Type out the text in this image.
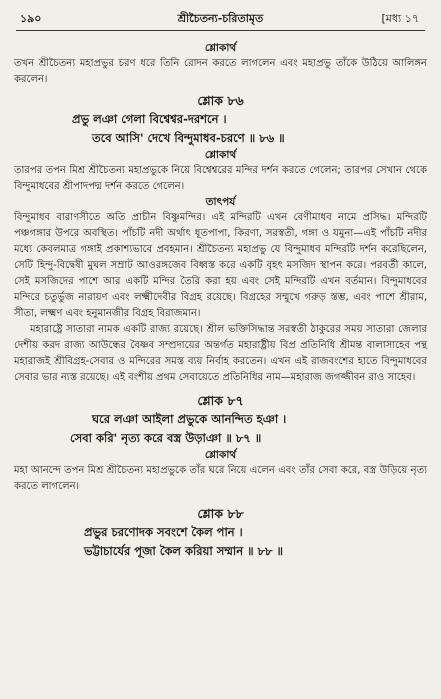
১৯০	শ্রীচৈতন্য-চরিতামৃত	[মধ্য ১৭
শ্লোকার্থ

তখন শ্রীচৈতন্য মহাপ্রভুর চরণ ধরে তিনি রোদন করতে লাগলেন এবং মহাপ্রভু তাঁকে উঠিয়ে আলিঙ্গন করলেন।

শ্লোক ৮৬
প্রভু লঞা গেলা বিশ্বেশ্বর-দরশনে ।
তবে আসি' দেখে বিন্দুমাধব-চরণে ॥ ৮৬ ॥
শ্লোকার্থ

তারপর তপন মিশ্র শ্রীচৈতন্য মহাপ্রভুকে নিয়ে বিশ্বেশ্বরের মন্দির দর্শন করতে গেলেন; তারপর সেখান থেকে বিন্দুমাধবের শ্রীপাদপদ্ম দর্শন করতে গেলেন।

তাৎপর্য

বিন্দুমাধব বারাণসীতে অতি প্রাচীন বিষ্ণুমন্দির। এই মন্দিরটি এখন বেণীমাধব নামে প্রসিদ্ধ। মন্দিরটি পঞ্চগঙ্গার উপরে অবস্থিত। পাঁচটি নদী অর্থাৎ ধূতপাপা, কিরণা, সরস্বতী, গঙ্গা ও যমুনা—এই পাঁচটি নদীর মধ্যে কেবলমাত্র গঙ্গাই প্রকাশ্যভাবে প্রবহমান। শ্রীচৈতন্য মহাপ্রভু যে বিন্দুমাধব মন্দিরটি দর্শন করেছিলেন, সেটি হিন্দু-বিদ্বেষী মুঘল সম্রাট আওরঙ্গজেব বিধ্বস্ত করে একটি বৃহৎ মসজিদ স্থাপন করে। পরবর্তী কালে, সেই মসজিদের পাশে আর একটি মন্দির তৈরি করা হয় এবং সেই মন্দিরটি এখন বর্তমান। বিন্দুমাধবের মন্দিরে চতুর্ভুজ নারায়ণ এবং লক্ষ্মীদেবীর বিগ্রহ রয়েছে। বিগ্রহের সম্মুখে গরুড় স্তম্ভ, এবং পাশে শ্রীরাম, সীতা, লক্ষ্মণ এবং হনুমানজীর বিগ্রহ বিরাজমান।

মহারাষ্ট্রে সাতারা নামক একটি রাজ্য রয়েছে। শ্রীল ভক্তিসিদ্ধান্ত সরস্বতী ঠাকুরের সময় সাতারা জেলার দেশীয় করদ রাজ্য আউন্ধের বৈষ্ণব সম্প্রদায়ের অন্তর্গত মহারাষ্ট্রীয় বিপ্র প্রতিনিধি শ্রীমন্ত বালাসাহেব পন্থ মহারাজই শ্রীবিগ্রহ-সেবার ও মন্দিরের সমস্ত ব্যয় নির্বাহ করতেন। এখন এই রাজবংশের হাতে বিন্দুমাধবের সেবার ভার ন্যস্ত রয়েছে। এই বংশীয় প্রথম সেবায়েতে প্রতিনিধির নাম—মহারাজ জগজ্জীবন রাও সাহেব।

শ্লোক ৮৭
ঘরে লঞা আইলা প্রভুকে আনন্দিত হঞা ।
সেবা করি' নৃত্য করে বস্ত্র উড়াঞা ॥ ৮৭ ॥
শ্লোকার্থ

মহা আনন্দে তপন মিশ্র শ্রীচৈতন্য মহাপ্রভুকে তাঁর ঘরে নিয়ে এলেন এবং তাঁর সেবা করে, বস্ত্র উড়িয়ে নৃত্য করতে লাগলেন।

শ্লোক ৮৮
প্রভুর চরণোদক সবংশে কৈল পান ।
ভট্টাচার্যের পূজা কৈল করিয়া সম্মান ॥ ৮৮ ॥
